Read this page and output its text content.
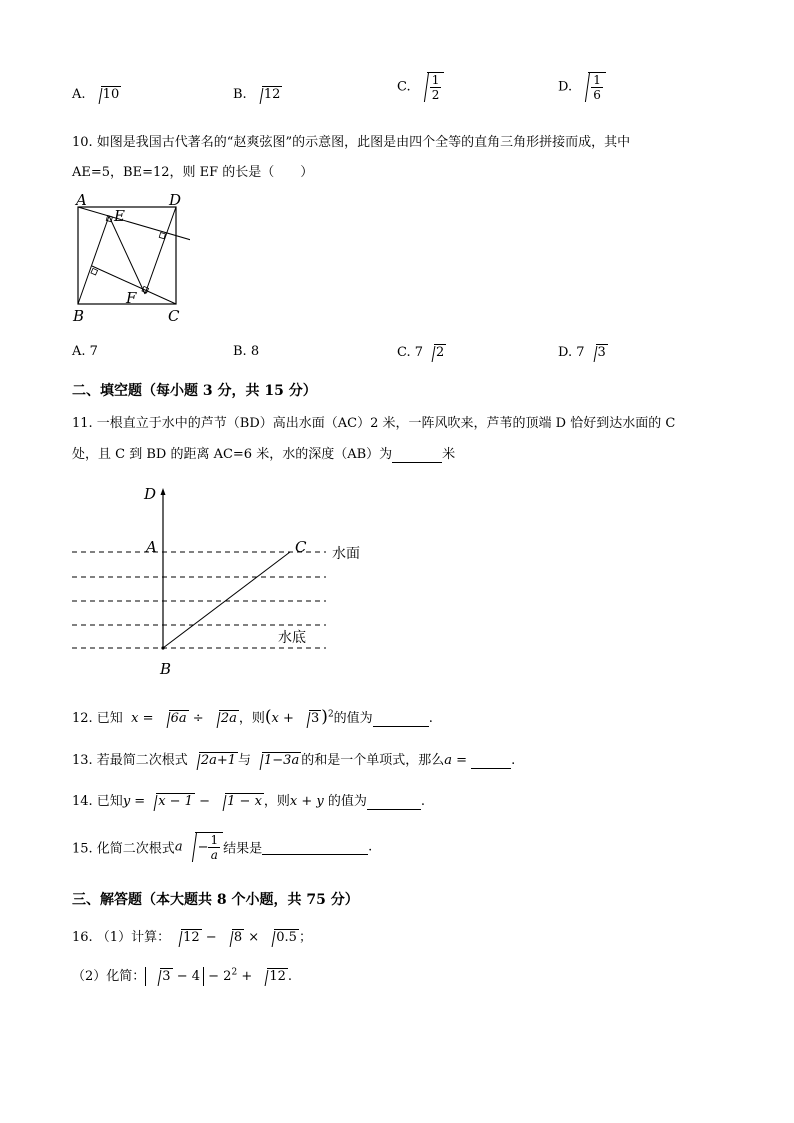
A. 10	B. 12	C. $\frac{1}{2}$	D. $\frac{1}{6}$
10. 如图是我国古代著名的“赵爽弦图”的示意图，此图是由四个全等的直角三角形拼接而成，其中
AE=5，BE=12，则 EF 的长是（　　）
A	D
E
F
B	C
A. 7	B. 8	C. 7 2	D. 7 3
二、填空题（每小题 3 分，共 15 分）
11. 一根直立于水中的芦节（BD）高出水面（AC）2 米，一阵风吹来，芦苇的顶端 D 恰好到达水面的 C
处，且 C 到 BD 的距离 AC=6 米，水的深度（AB）为	米
D
A	C
B
水面
水底
12. 已知 x = 6a ÷ 2a ，则(x + 3 )$^2$的值为	.
13. 若最简二次根式 2a+1 与 1−3a 的和是一个单项式，那么a =	.
14. 已知y = x − 1 − 1 − x ，则x + y 的值为	.
15. 化简二次根式$a - \frac{1}{a}$ 结果是	.
三、解答题（本大题共 8 个小题，共 75 分）
16. （1）计算： 12 − 8 × 0.5 ；
（2）化简： $3 - 4 - 2^2 + 12$ .
